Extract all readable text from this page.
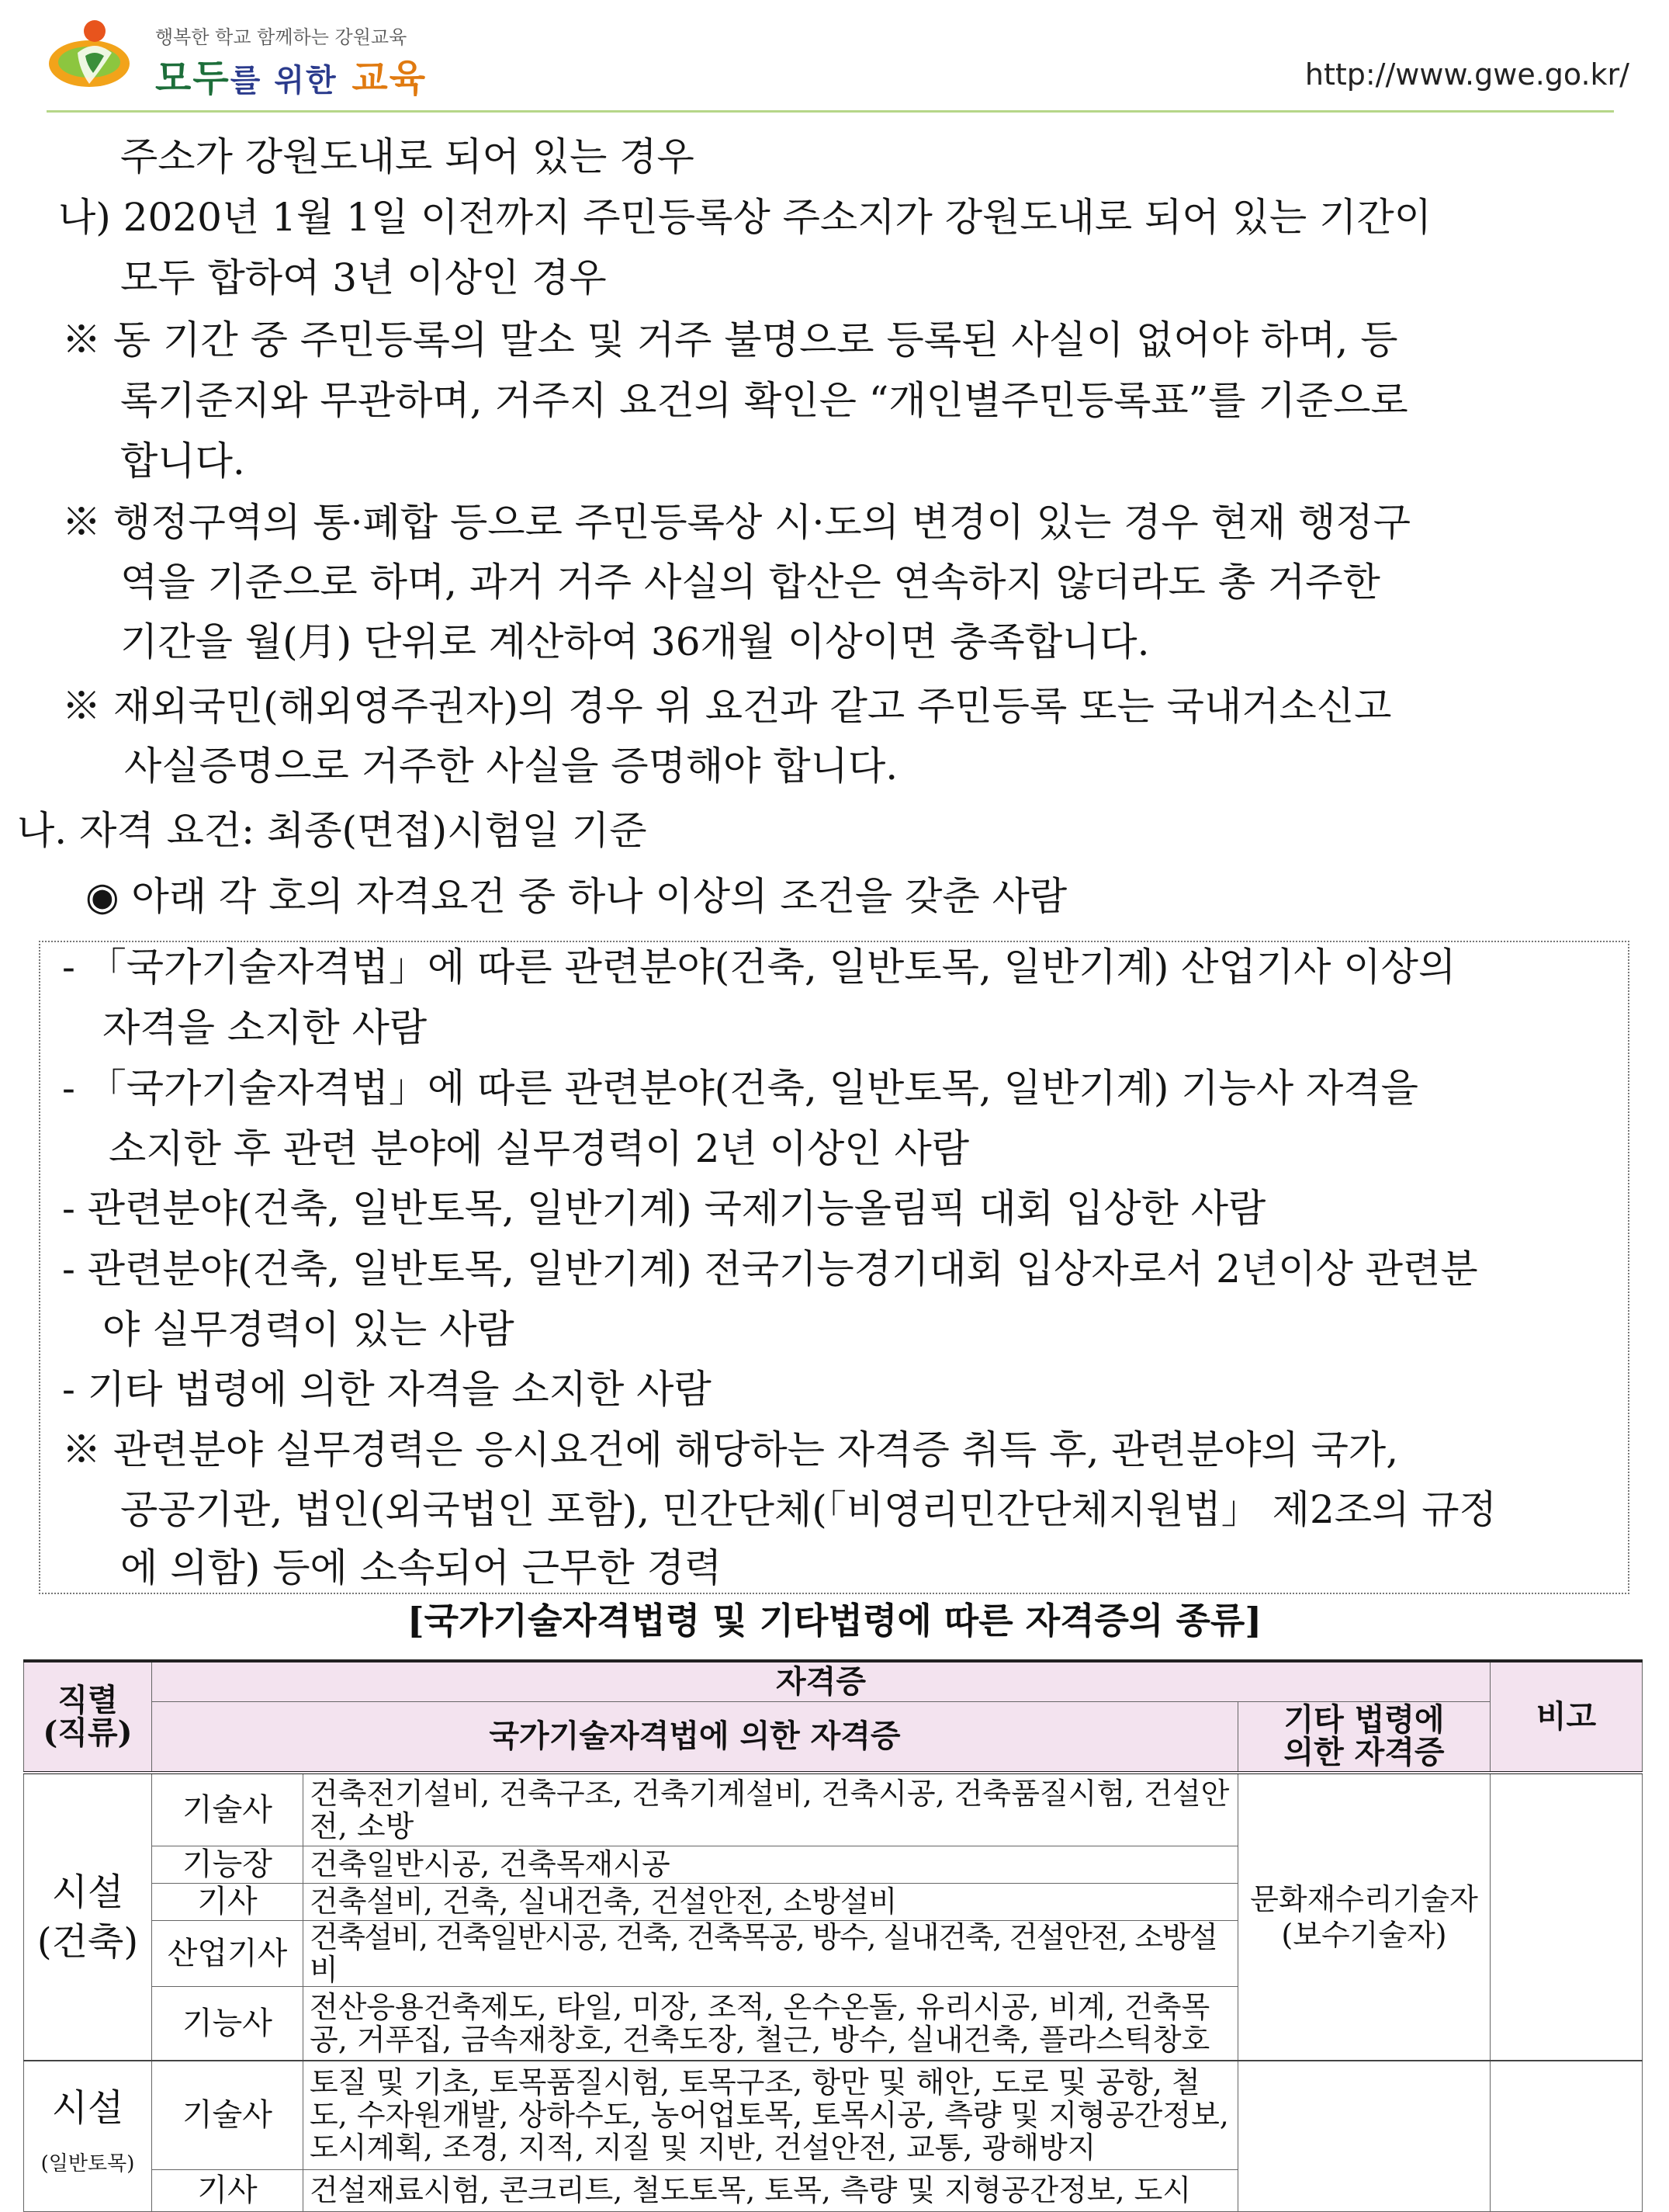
행복한 학교 함께하는 강원교육
모두를 위한 교육	http://www.gwe.go.kr/
주소가 강원도내로 되어 있는 경우
나) 2020년 1월 1일 이전까지 주민등록상 주소지가 강원도내로 되어 있는 기간이
모두 합하여 3년 이상인 경우
※ 동 기간 중 주민등록의 말소 및 거주 불명으로 등록된 사실이 없어야 하며, 등
록기준지와 무관하며, 거주지 요건의 확인은 “개인별주민등록표”를 기준으로
합니다.
※ 행정구역의 통·폐합 등으로 주민등록상 시·도의 변경이 있는 경우 현재 행정구
역을 기준으로 하며, 과거 거주 사실의 합산은 연속하지 않더라도 총 거주한
기간을 월(月) 단위로 계산하여 36개월 이상이면 충족합니다.
※ 재외국민(해외영주권자)의 경우 위 요건과 같고 주민등록 또는 국내거소신고
사실증명으로 거주한 사실을 증명해야 합니다.
나. 자격 요건: 최종(면접)시험일 기준
◉ 아래 각 호의 자격요건 중 하나 이상의 조건을 갖춘 사람
- 「국가기술자격법」에 따른 관련분야(건축, 일반토목, 일반기계) 산업기사 이상의
자격을 소지한 사람
- 「국가기술자격법」에 따른 관련분야(건축, 일반토목, 일반기계) 기능사 자격을
소지한 후 관련 분야에 실무경력이 2년 이상인 사람
- 관련분야(건축, 일반토목, 일반기계) 국제기능올림픽 대회 입상한 사람
- 관련분야(건축, 일반토목, 일반기계) 전국기능경기대회 입상자로서 2년이상 관련분
야 실무경력이 있는 사람
- 기타 법령에 의한 자격을 소지한 사람
※ 관련분야 실무경력은 응시요건에 해당하는 자격증 취득 후, 관련분야의 국가,
공공기관, 법인(외국법인 포함), 민간단체(「비영리민간단체지원법」 제2조의 규정
에 의함) 등에 소속되어 근무한 경력
[국가기술자격법령 및 기타법령에 따른 자격증의 종류]
직렬
(직류)	자격증			비고
	국가기술자격법에 의한 자격증		기타 법령에
의한 자격증	
시설
(건축)	기술사	건축전기설비, 건축구조, 건축기계설비, 건축시공, 건축품질시험, 건설안전, 소방	문화재수리기술자
(보수기술자)	
	기능장	건축일반시공, 건축목재시공		
	기사	건축설비, 건축, 실내건축, 건설안전, 소방설비		
	산업기사	건축설비, 건축일반시공, 건축, 건축목공, 방수, 실내건축, 건설안전, 소방설비		
	기능사	전산응용건축제도, 타일, 미장, 조적, 온수온돌, 유리시공, 비계, 건축목공, 거푸집, 금속재창호, 건축도장, 철근, 방수, 실내건축, 플라스틱창호		
시설
(일반토목)	기술사	토질 및 기초, 토목품질시험, 토목구조, 항만 및 해안, 도로 및 공항, 철도, 수자원개발, 상하수도, 농어업토목, 토목시공, 측량 및 지형공간정보, 도시계획, 조경, 지적, 지질 및 지반, 건설안전, 교통, 광해방지		
	기사	건설재료시험, 콘크리트, 철도토목, 토목, 측량 및 지형공간정보, 도시		
